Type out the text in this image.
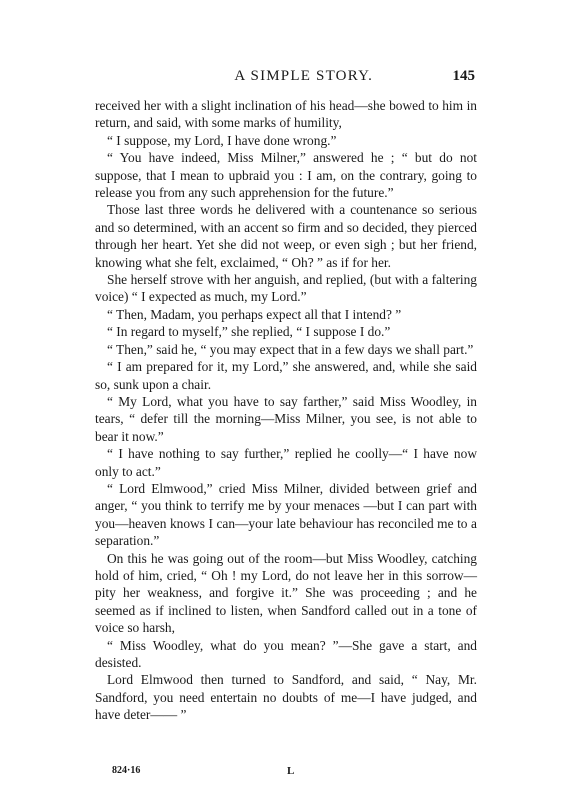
A SIMPLE STORY.	145

received her with a slight inclination of his head—she bowed to him in return, and said, with some marks of humility,

“ I suppose, my Lord, I have done wrong.”

“ You have indeed, Miss Milner,” answered he ; “ but do not suppose, that I mean to upbraid you : I am, on the contrary, going to release you from any such apprehension for the future.”

Those last three words he delivered with a countenance so serious and so determined, with an accent so firm and so decided, they pierced through her heart. Yet she did not weep, or even sigh ; but her friend, knowing what she felt, exclaimed, “ Oh? ” as if for her.

She herself strove with her anguish, and replied, (but with a faltering voice) “ I expected as much, my Lord.”

“ Then, Madam, you perhaps expect all that I intend? ”

“ In regard to myself,” she replied, “ I suppose I do.”

“ Then,” said he, “ you may expect that in a few days we shall part.”

“ I am prepared for it, my Lord,” she answered, and, while she said so, sunk upon a chair.

“ My Lord, what you have to say farther,” said Miss Woodley, in tears, “ defer till the morning—Miss Milner, you see, is not able to bear it now.”

“ I have nothing to say further,” replied he coolly—“ I have now only to act.”

“ Lord Elmwood,” cried Miss Milner, divided between grief and anger, “ you think to terrify me by your menaces —but I can part with you—heaven knows I can—your late behaviour has reconciled me to a separation.”

On this he was going out of the room—but Miss Woodley, catching hold of him, cried, “ Oh ! my Lord, do not leave her in this sorrow—pity her weakness, and forgive it.” She was proceeding ; and he seemed as if inclined to listen, when Sandford called out in a tone of voice so harsh,

“ Miss Woodley, what do you mean? ”—She gave a start, and desisted.

Lord Elmwood then turned to Sandford, and said, “ Nay, Mr. Sandford, you need entertain no doubts of me—I have judged, and have deter—— ”

824·16	L
